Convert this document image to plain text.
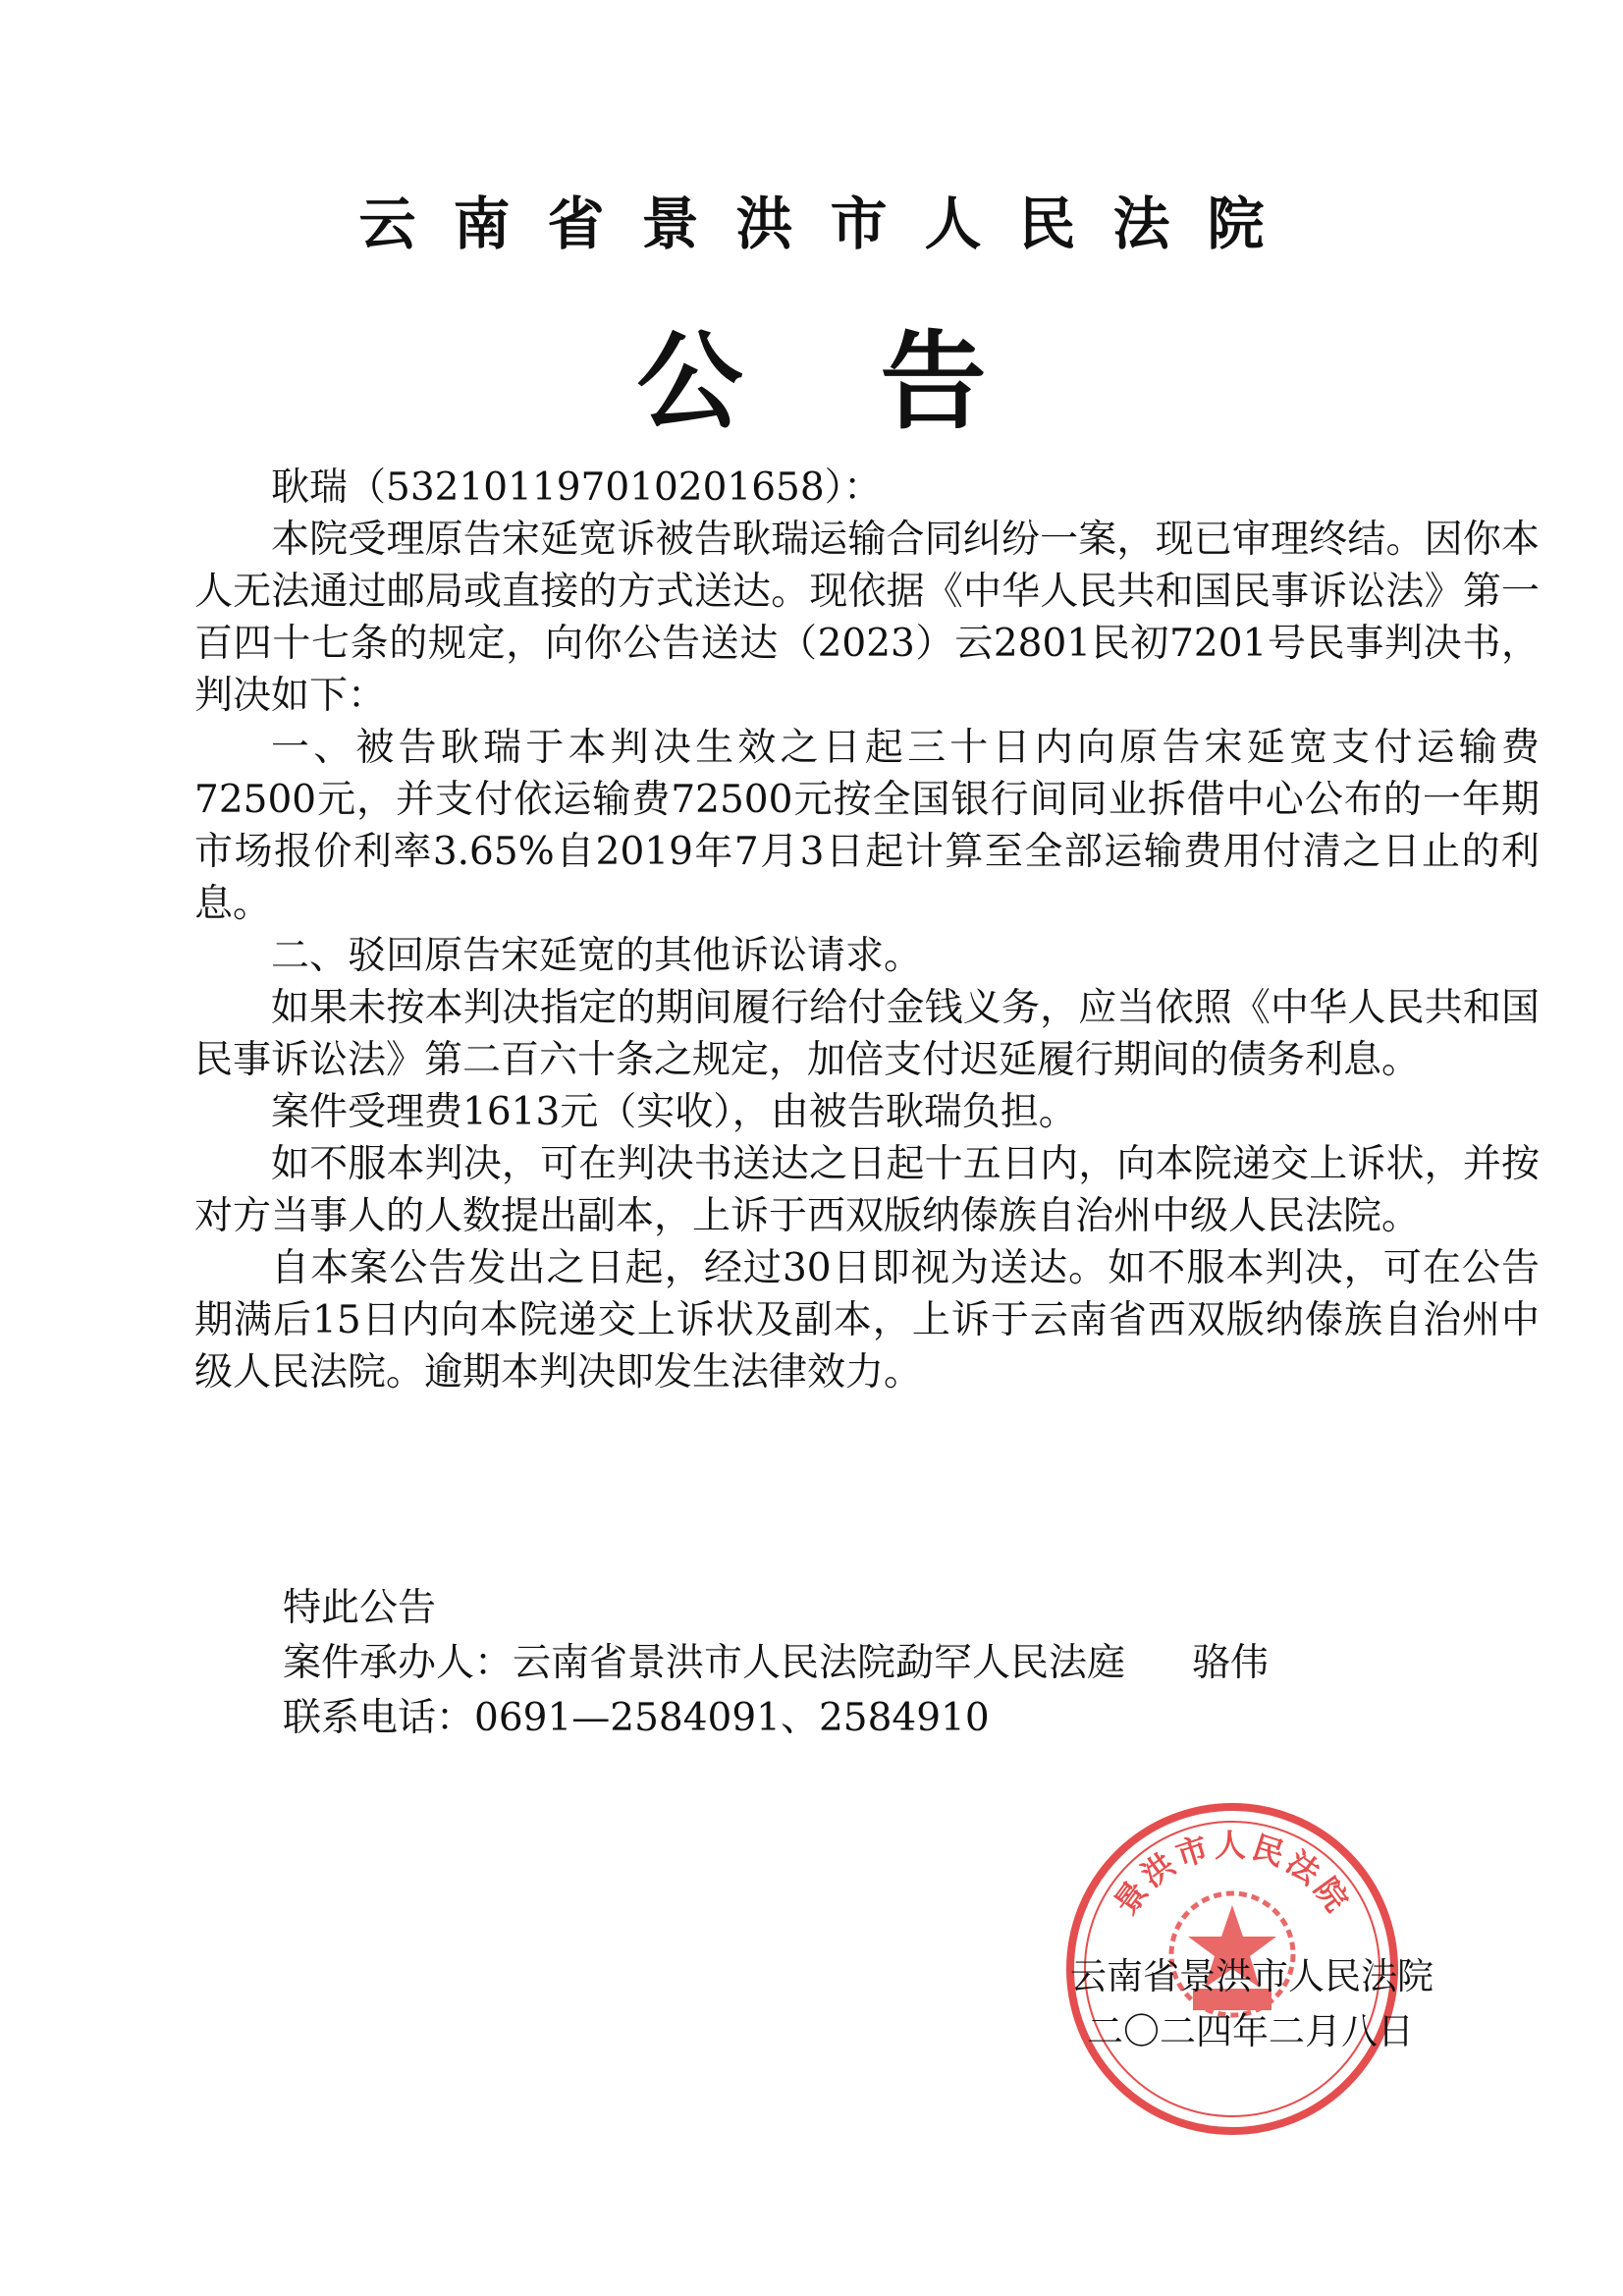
云南省景洪市人民法院
公告

耿瑞（532101197010201658）：

本院受理原告宋延宽诉被告耿瑞运输合同纠纷一案，现已审理终结。因你本人无法通过邮局或直接的方式送达。现依据《中华人民共和国民事诉讼法》第一百四十七条的规定，向你公告送达（2023）云2801民初7201号民事判决书，判决如下：

一、被告耿瑞于本判决生效之日起三十日内向原告宋延宽支付运输费72500元，并支付依运输费72500元按全国银行间同业拆借中心公布的一年期市场报价利率3.65%自2019年7月3日起计算至全部运输费用付清之日止的利息。

二、驳回原告宋延宽的其他诉讼请求。

如果未按本判决指定的期间履行给付金钱义务，应当依照《中华人民共和国民事诉讼法》第二百六十条之规定，加倍支付迟延履行期间的债务利息。

案件受理费1613元（实收），由被告耿瑞负担。

如不服本判决，可在判决书送达之日起十五日内，向本院递交上诉状，并按对方当事人的人数提出副本，上诉于西双版纳傣族自治州中级人民法院。

自本案公告发出之日起，经过30日即视为送达。如不服本判决，可在公告期满后15日内向本院递交上诉状及副本，上诉于云南省西双版纳傣族自治州中级人民法院。逾期本判决即发生法律效力。

特此公告
案件承办人：云南省景洪市人民法院勐罕人民法庭 骆伟
联系电话：0691—2584091、2584910
景洪市人民法院
云南省景洪市人民法院
二〇二四年二月八日
